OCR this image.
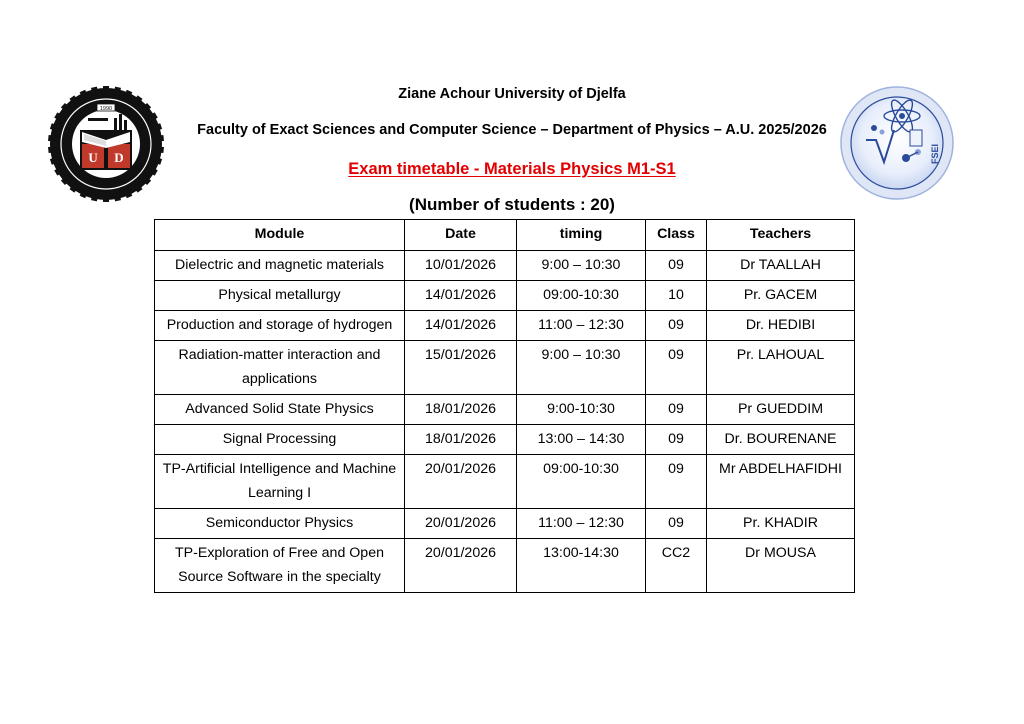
U D
1990
FSEI
Ziane Achour University of Djelfa
Faculty of Exact Sciences and Computer Science – Department of Physics – A.U. 2025/2026
Exam timetable - Materials Physics M1-S1
(Number of students : 20)
Module	Date	timing	Class	Teachers
Dielectric and magnetic materials	10/01/2026	9:00 – 10:30	09	Dr TAALLAH
Physical metallurgy	14/01/2026	09:00-10:30	10	Pr. GACEM
Production and storage of hydrogen	14/01/2026	11:00 – 12:30	09	Dr. HEDIBI
Radiation-matter interaction and applications	15/01/2026	9:00 – 10:30	09	Pr. LAHOUAL
Advanced Solid State Physics	18/01/2026	9:00-10:30	09	Pr GUEDDIM
Signal Processing	18/01/2026	13:00 – 14:30	09	Dr. BOURENANE
TP-Artificial Intelligence and Machine Learning I	20/01/2026	09:00-10:30	09	Mr ABDELHAFIDHI
Semiconductor Physics	20/01/2026	11:00 – 12:30	09	Pr. KHADIR
TP-Exploration of Free and Open Source Software in the specialty	20/01/2026	13:00-14:30	CC2	Dr MOUSA
